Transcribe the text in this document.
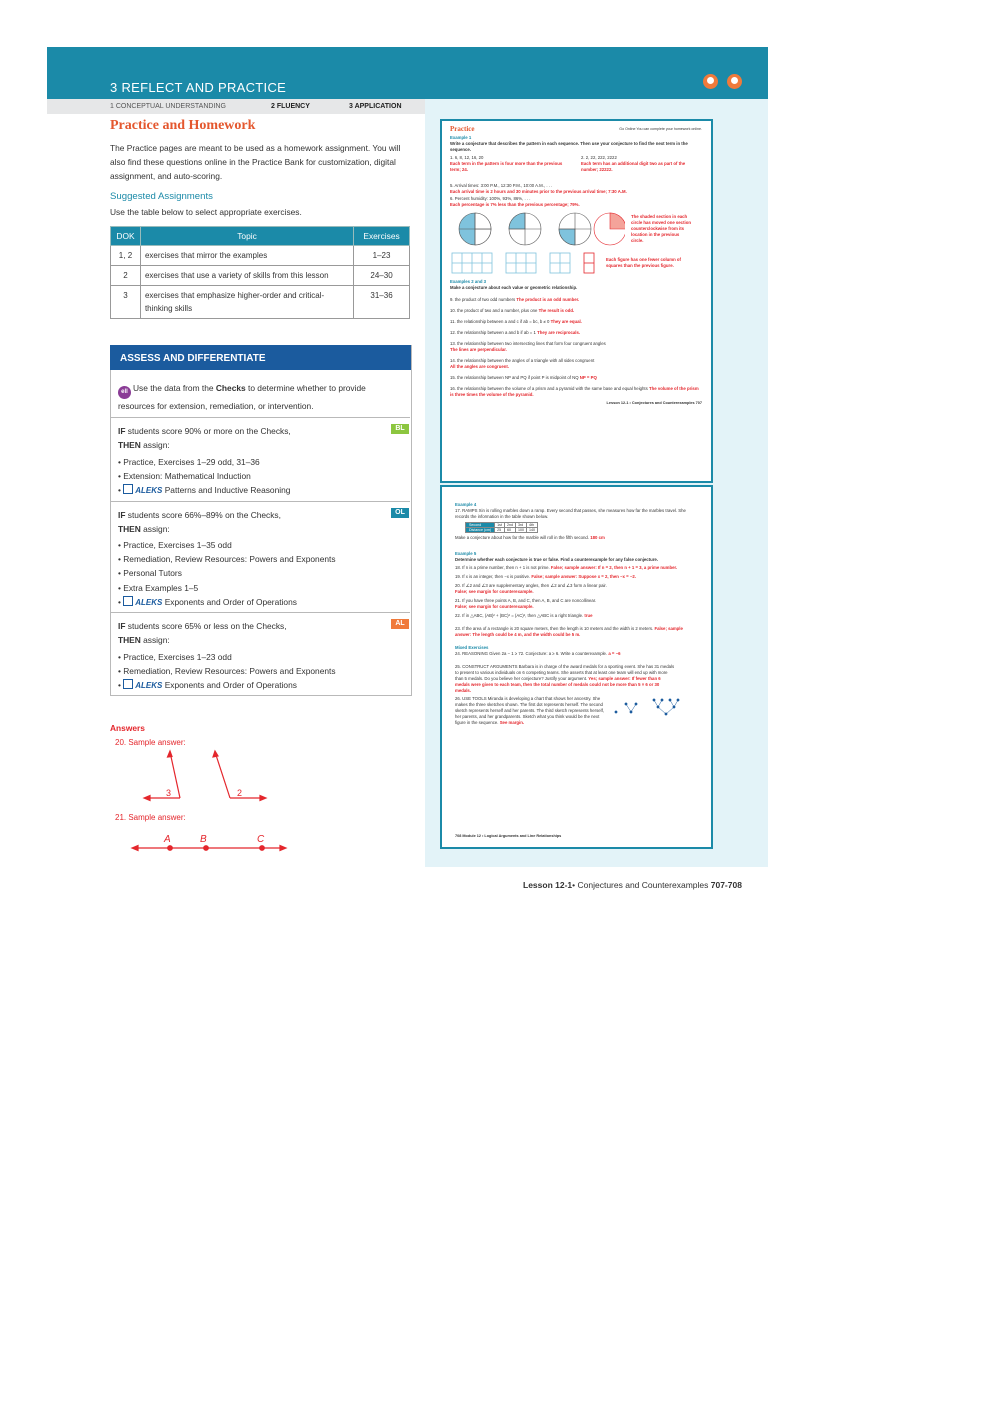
3 REFLECT AND PRACTICE
1 CONCEPTUAL UNDERSTANDING	2 FLUENCY	3 APPLICATION
Practice	Go Online You can complete your homework online.
Example 1
Write a conjecture that describes the pattern in each sequence. Then use your conjecture to find the next term in the sequence.
1. 6, 8, 12, 16, 20
Each term in the pattern is four more than the previous term; 24.
2. 2, 22, 222, 2222
Each term has an additional digit two as part of the number; 22222.
5. Arrival times: 3:00 P.M., 12:30 P.M., 10:00 A.M., . . .
Each arrival time is 2 hours and 30 minutes prior to the previous arrival time; 7:30 A.M.
6. Percent humidity: 100%, 93%, 86%, . . .
Each percentage is 7% less than the previous percentage; 79%.
The shaded section in each circle has moved one section counterclockwise from its location in the previous circle.
Each figure has one fewer column of squares than the previous figure.
Examples 2 and 3
Make a conjecture about each value or geometric relationship.
9. the product of two odd numbers The product is an odd number.
10. the product of two and a number, plus one The result is odd.
11. the relationship between a and c if ab = bc, b ≠ 0 They are equal.
12. the relationship between a and b if ab = 1 They are reciprocals.
13. the relationship between two intersecting lines that form four congruent angles
The lines are perpendicular.
14. the relationship between the angles of a triangle with all sides congruent
All the angles are congruent.
15. the relationship between NP and PQ if point P is midpoint of NQ NP = PQ
16. the relationship between the volume of a prism and a pyramid with the same base and equal heights The volume of the prism is three times the volume of the pyramid.
Lesson 12-1 • Conjectures and Counterexamples 707
Example 4
17. RAMPS Xin is rolling marbles down a ramp. Every second that passes, she measures how far the marbles travel. She records the information in the table shown below.
Second	1st	2nd	3rd	4th
Distance (cm)	25	60	100	140
Make a conjecture about how far the marble will roll in the fifth second. 180 cm
Example 5
Determine whether each conjecture is true or false. Find a counterexample for any false conjecture.
18. If n is a prime number, then n + 1 is not prime. False; sample answer: If n = 2, then n + 1 = 3, a prime number.
19. If x is an integer, then −x is positive. False; sample answer: Suppose x = 2, then −x = −2.
20. If ∠2 and ∠3 are supplementary angles, then ∠2 and ∠3 form a linear pair.
False; see margin for counterexample.
21. If you have three points A, B, and C, then A, B, and C are noncollinear.
False; see margin for counterexample.
22. If in △ABC, (AB)² + (BC)² = (AC)², then △ABC is a right triangle. true
23. If the area of a rectangle is 20 square meters, then the length is 10 meters and the width is 2 meters. False; sample answer: The length could be 4 m, and the width could be 5 m.
Mixed Exercises
24. REASONING Given 2a − 1 ≥ 72. Conjecture: a ≥ 6. Write a counterexample. a = −6
25. CONSTRUCT ARGUMENTS Barbara is in charge of the award medals for a sporting event. She has 31 medals to present to various individuals on 6 competing teams. She asserts that at least one team will end up with more than 5 medals. Do you believe her conjecture? Justify your argument. Yes; sample answer: If fewer than 6 medals were given to each team, then the total number of medals could not be more than 5 × 6 or 30 medals.
26. USE TOOLS Miranda is developing a chart that shows her ancestry. She makes the three sketches shown. The first dot represents herself. The second sketch represents herself and her parents. The third sketch represents herself, her parents, and her grandparents. Sketch what you think would be the next figure in the sequence. See margin.
708 Module 12 • Logical Arguments and Line Relationships
Practice and Homework
The Practice pages are meant to be used as a homework assignment. You will also find these questions online in the Practice Bank for customization, digital assignment, and auto-scoring.
Suggested Assignments
Use the table below to select appropriate exercises.
DOK	Topic	Exercises
1, 2	exercises that mirror the examples	1–23
2	exercises that use a variety of skills from this lesson	24–30
3	exercises that emphasize higher-order and critical-thinking skills	31–36
ASSESS AND DIFFERENTIATE
ell Use the data from the Checks to determine whether to provide resources for extension, remediation, or intervention.
IF students score 90% or more on the Checks,
THEN assign:
BL
• Practice, Exercises 1–29 odd, 31–36
• Extension: Mathematical Induction
• ALEKS Patterns and Inductive Reasoning
IF students score 66%–89% on the Checks,
THEN assign:
OL
• Practice, Exercises 1–35 odd
• Remediation, Review Resources: Powers and Exponents
• Personal Tutors
• Extra Examples 1–5
• ALEKS Exponents and Order of Operations
IF students score 65% or less on the Checks,
THEN assign:
AL
• Practice, Exercises 1–23 odd
• Remediation, Review Resources: Powers and Exponents
• ALEKS Exponents and Order of Operations
Answers
20. Sample answer:
3	2
21. Sample answer:
A	B	C
Lesson 12-1• Conjectures and Counterexamples 707-708
